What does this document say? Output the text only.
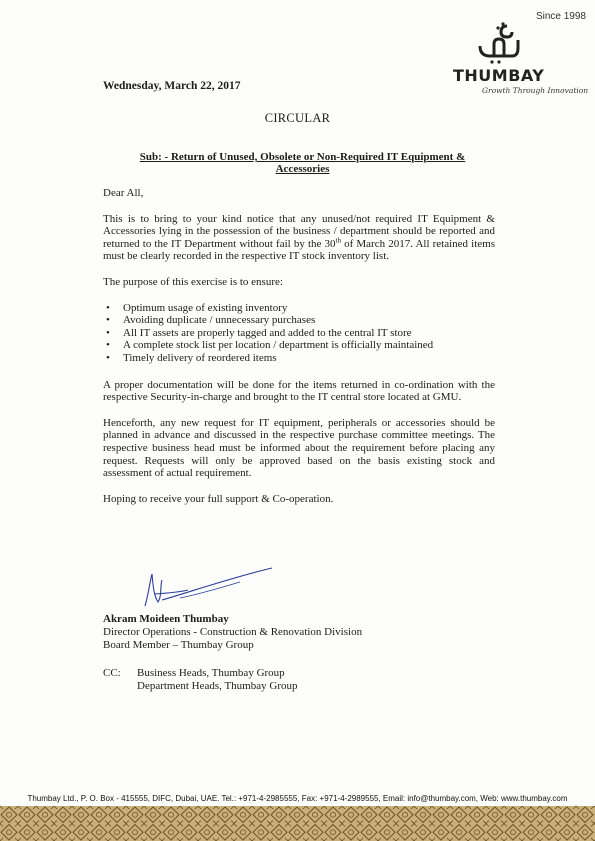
Since 1998
THUMBAY
Growth Through Innovation
Wednesday, March 22, 2017
CIRCULAR
Sub: - Return of Unused, Obsolete or Non-Required IT Equipment &
Accessories

Dear All,

This is to bring to your kind notice that any unused/not required IT Equipment & Accessories lying in the possession of the business / department should be reported and returned to the IT Department without fail by the 30th of March 2017. All retained items must be clearly recorded in the respective IT stock inventory list.

The purpose of this exercise is to ensure:

• Optimum usage of existing inventory
• Avoiding duplicate / unnecessary purchases
• All IT assets are properly tagged and added to the central IT store
• A complete stock list per location / department is officially maintained
• Timely delivery of reordered items

A proper documentation will be done for the items returned in co-ordination with the respective Security-in-charge and brought to the IT central store located at GMU.

Henceforth, any new request for IT equipment, peripherals or accessories should be planned in advance and discussed in the respective purchase committee meetings. The respective business head must be informed about the requirement before placing any request. Requests will only be approved based on the basis existing stock and assessment of actual requirement.

Hoping to receive your full support & Co-operation.

Akram Moideen Thumbay
Director Operations - Construction & Renovation Division
Board Member – Thumbay Group
CC: Business Heads, Thumbay Group
Department Heads, Thumbay Group
Thumbay Ltd., P. O. Box - 415555, DIFC, Dubai, UAE. Tel.: +971-4-2985555, Fax: +971-4-2989555, Email: info@thumbay.com, Web: www.thumbay.com
